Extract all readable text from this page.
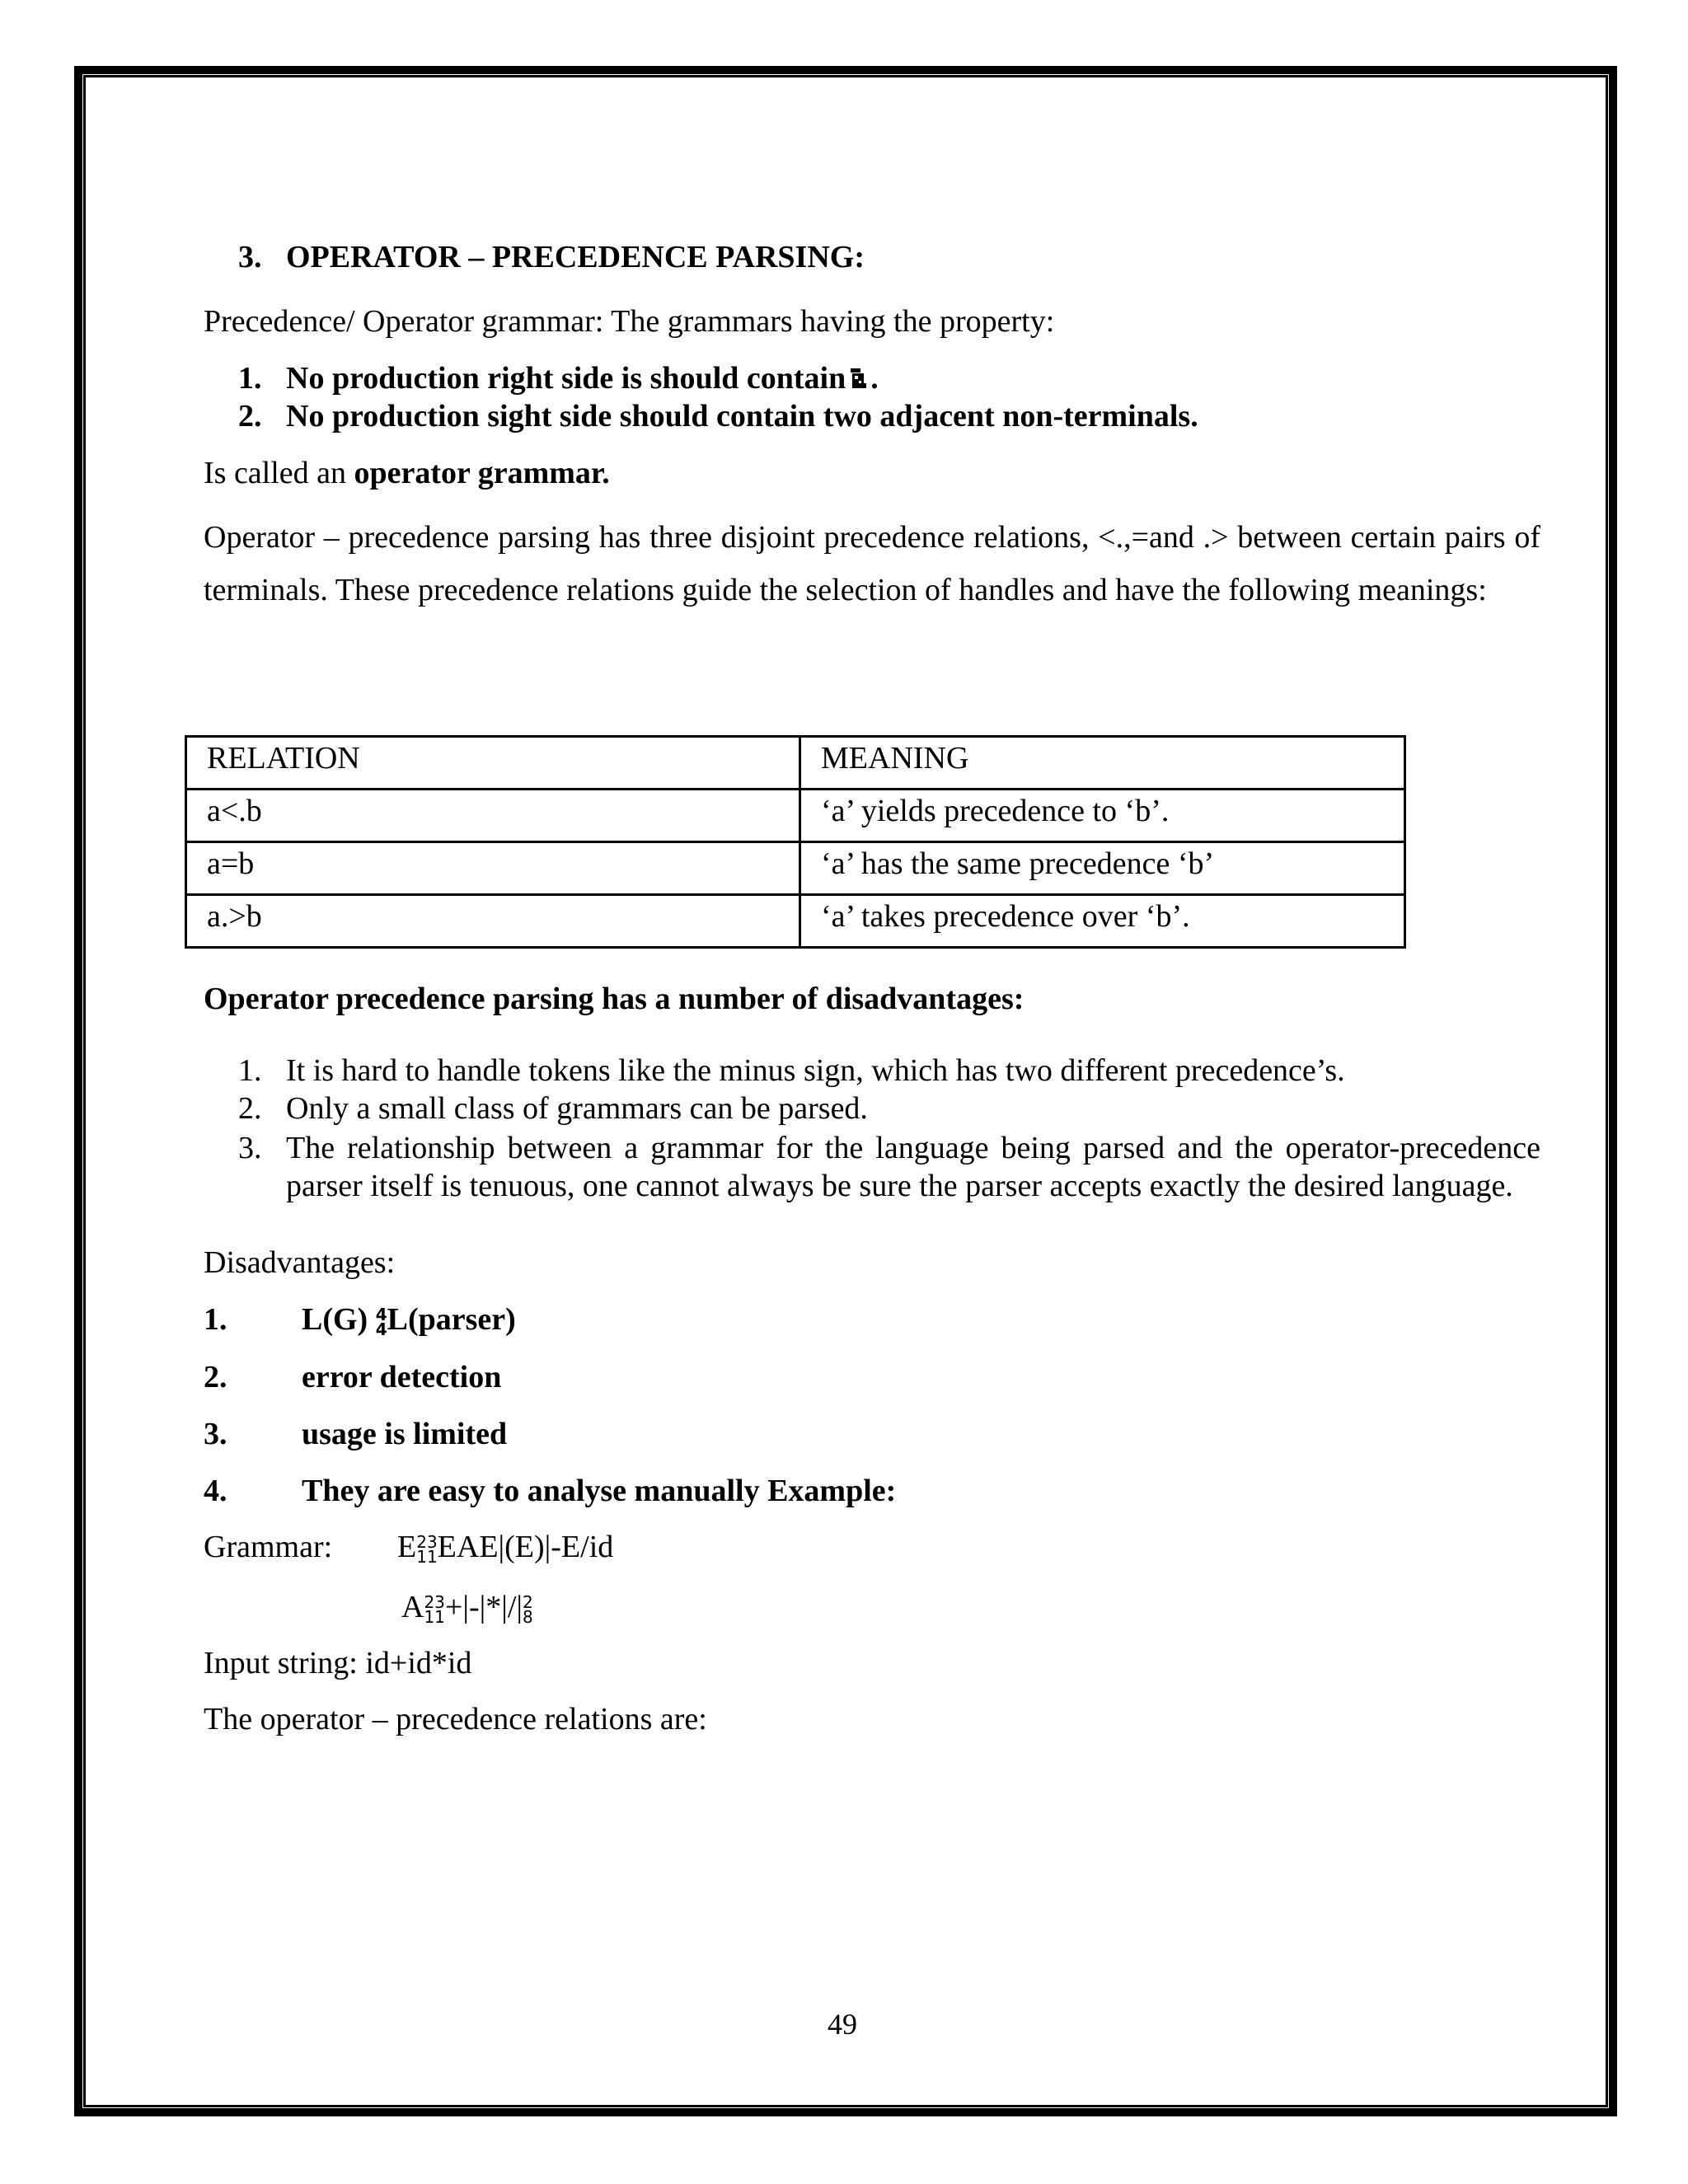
3. OPERATOR – PRECEDENCE PARSING:
Precedence/ Operator grammar: The grammars having the property:
1. No production right side is should contain .
2. No production sight side should contain two adjacent non-terminals.
Is called an operator grammar.
Operator – precedence parsing has three disjoint precedence relations, <.,=and .> between certain pairs of terminals. These precedence relations guide the selection of handles and have the following meanings:
RELATION	MEANING
a<.b	‘a’ yields precedence to ‘b’.
a=b	‘a’ has the same precedence ‘b’
a.>b	‘a’ takes precedence over ‘b’.
Operator precedence parsing has a number of disadvantages:
1. It is hard to handle tokens like the minus sign, which has two different precedence’s.
2. Only a small class of grammars can be parsed.
3. The relationship between a grammar for the language being parsed and the operator-precedence parser itself is tenuous, one cannot always be sure the parser accepts exactly the desired language.
Disadvantages:
1. L(G) 4
4 L(parser)
2. error detection
3. usage is limited
4. They are easy to analyse manually Example:
Grammar: E 23
11 EAE|(E)|-E/id
A 23
11 +|-|*|/| 2
8
Input string: id+id*id
The operator – precedence relations are:
49
